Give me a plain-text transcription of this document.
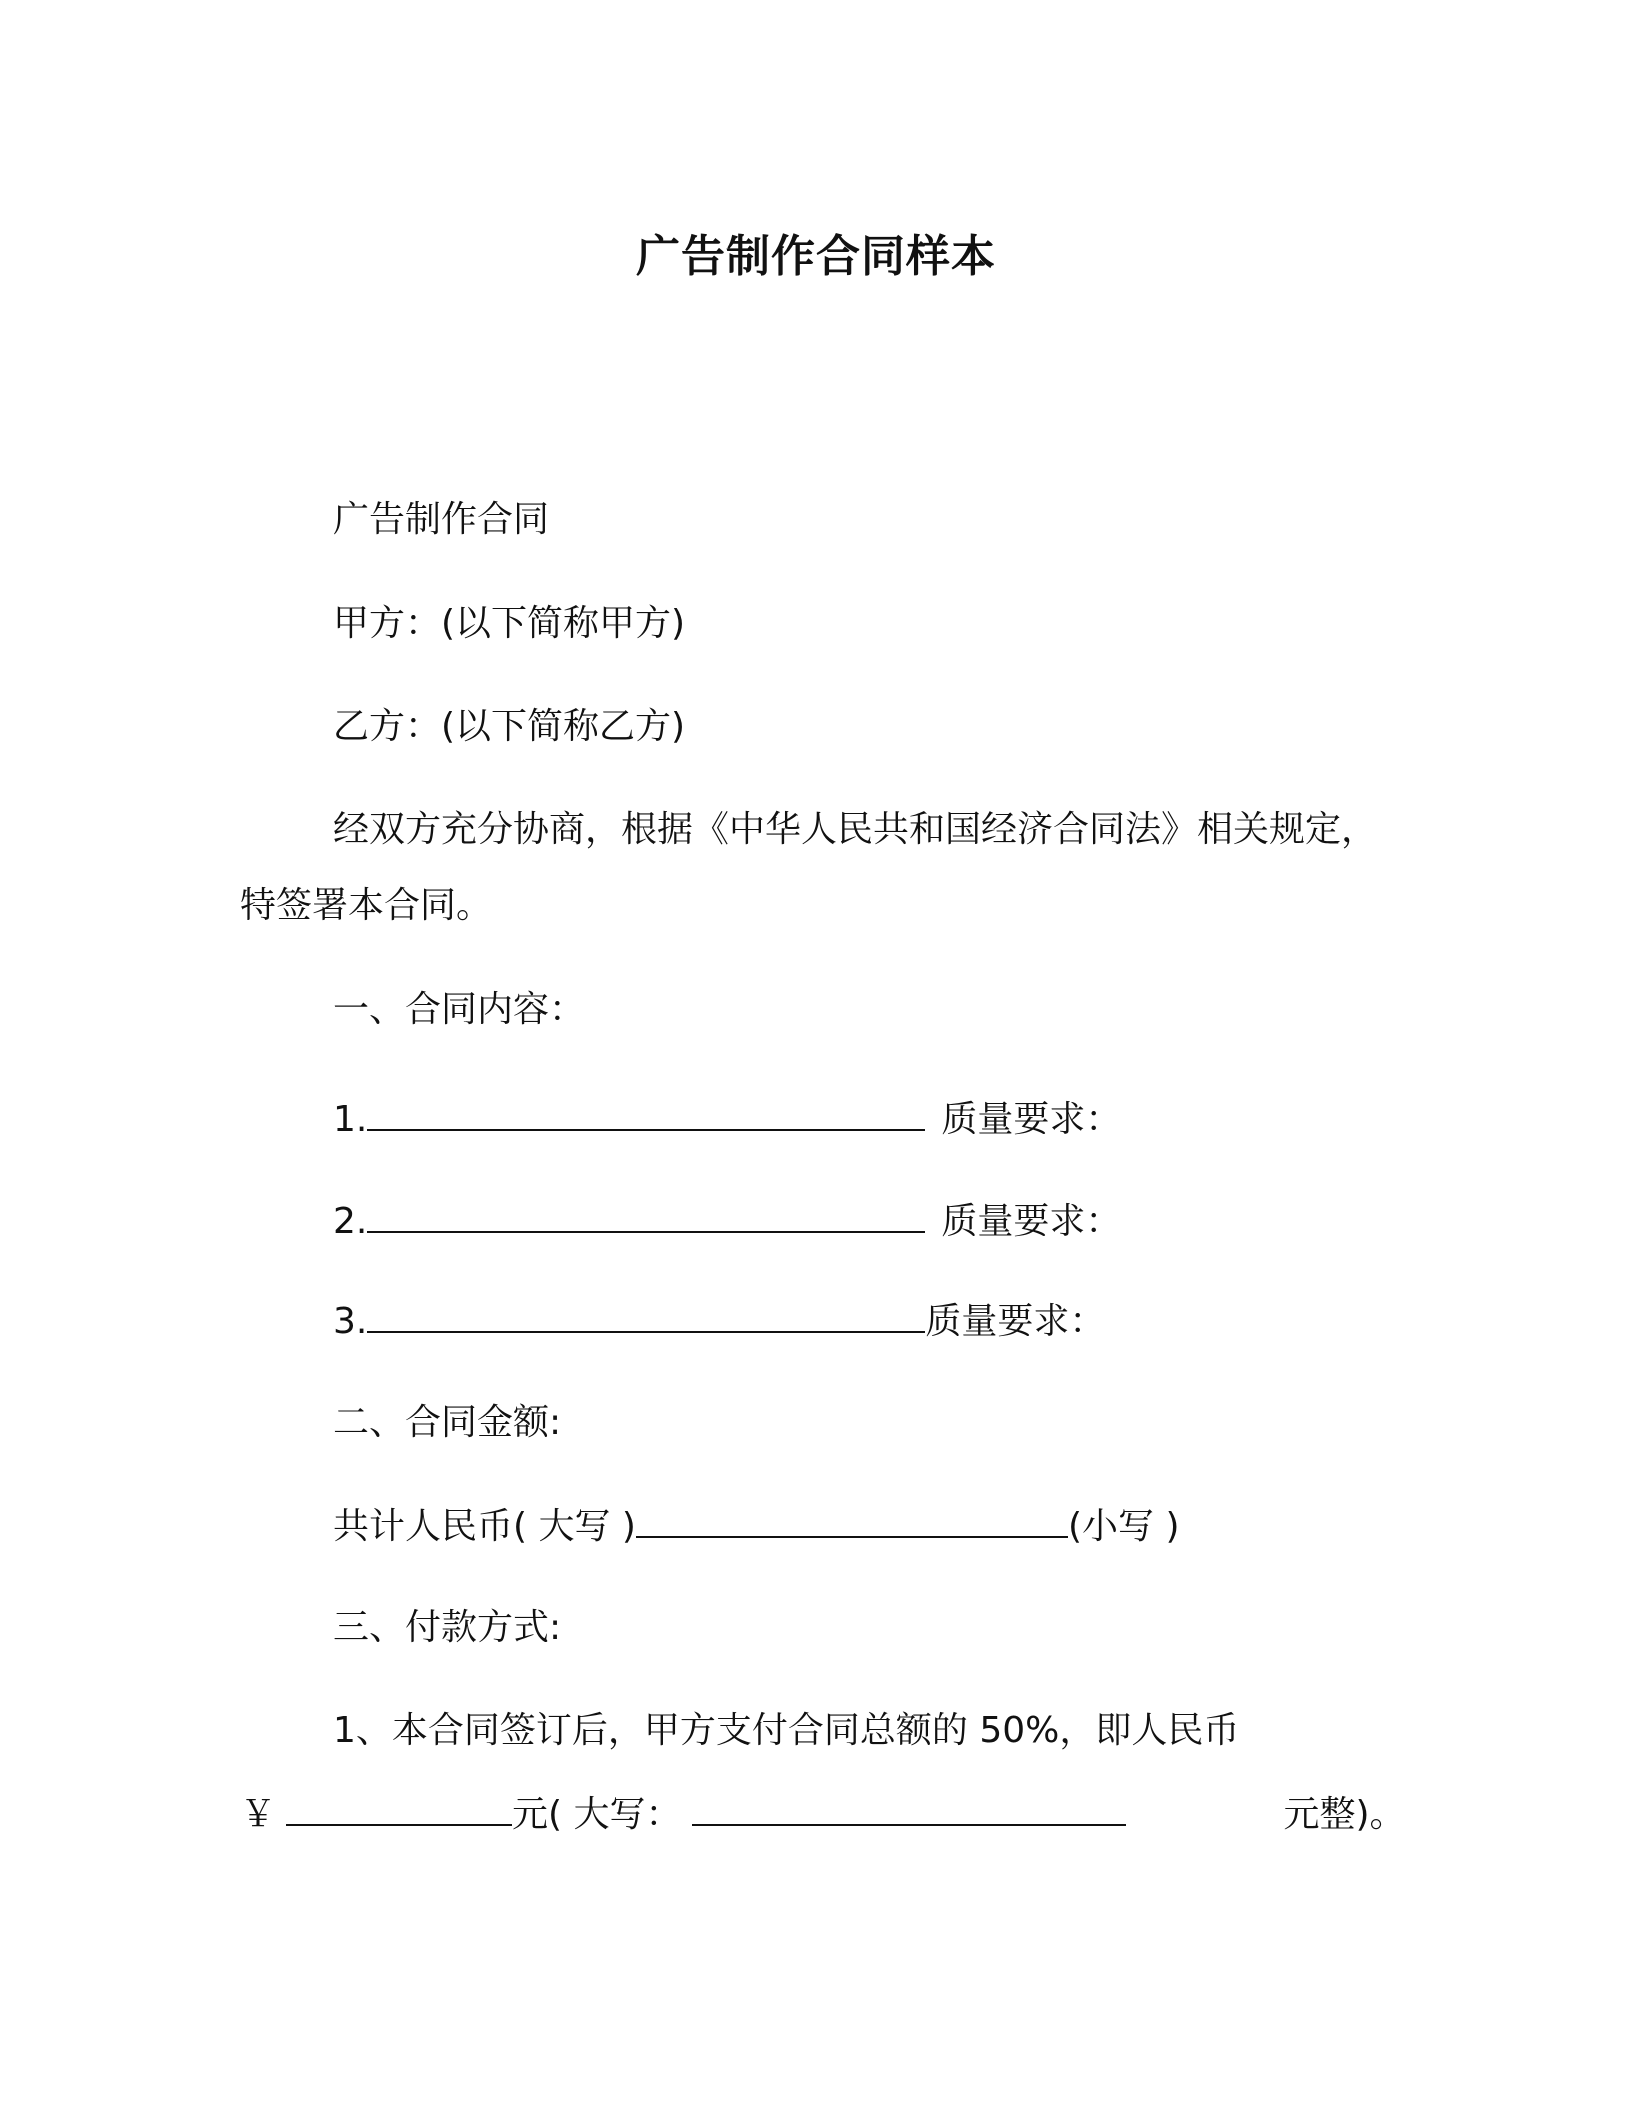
广告制作合同样本
广告制作合同
甲方：(以下简称甲方)
乙方：(以下简称乙方)
经双方充分协商，根据《中华人民共和国经济合同法》相关规定，
特签署本合同。
一、合同内容：
1.	质量要求：
2.	质量要求：
3.	质量要求：
二、合同金额:
共计人民币( 大写 )	(小写 )
三、付款方式:
1、本合同签订后，甲方支付合同总额的 50%，即人民币
￥	元( 大写：	元整)。
